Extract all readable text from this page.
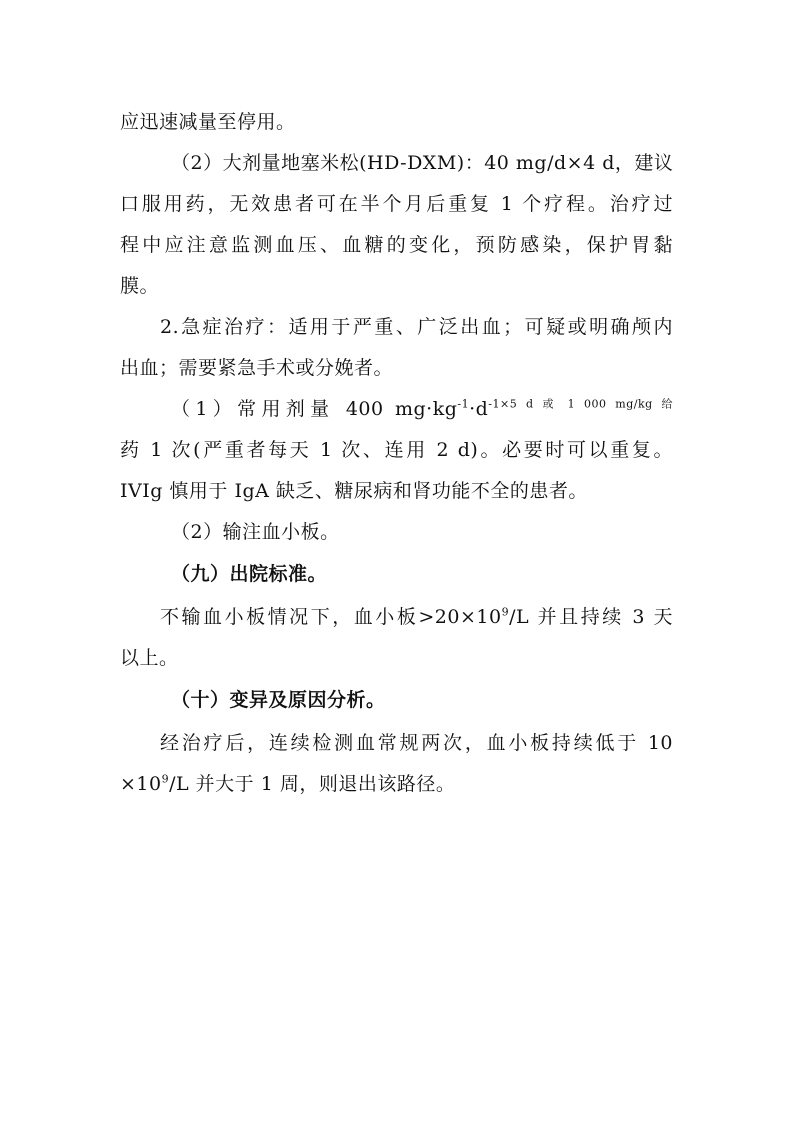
应迅速减量至停用。
（2）大剂量地塞米松(HD-DXM)：40 mg/d×4 d，建议
口服用药，无效患者可在半个月后重复 1 个疗程。治疗过
程中应注意监测血压、血糖的变化，预防感染，保护胃黏
膜。
2.急症治疗：适用于严重、广泛出血；可疑或明确颅内
出血；需要紧急手术或分娩者。
（1）常用剂量 400 $mg\cdot kg^{-1}\cdot d^{-1\times 5 d 或 1 000 mg/kg 给}$
药 1 次(严重者每天 1 次、连用 2 d)。必要时可以重复。
IVIg 慎用于 IgA 缺乏、糖尿病和肾功能不全的患者。
（2）输注血小板。
（九）出院标准。
不输血小板情况下，血小板$>20\times 10^9/L$ 并且持续 3 天
以上。
（十）变异及原因分析。
经治疗后，连续检测血常规两次，血小板持续低于 10
$\times 10^9/L$ 并大于 1 周，则退出该路径。
